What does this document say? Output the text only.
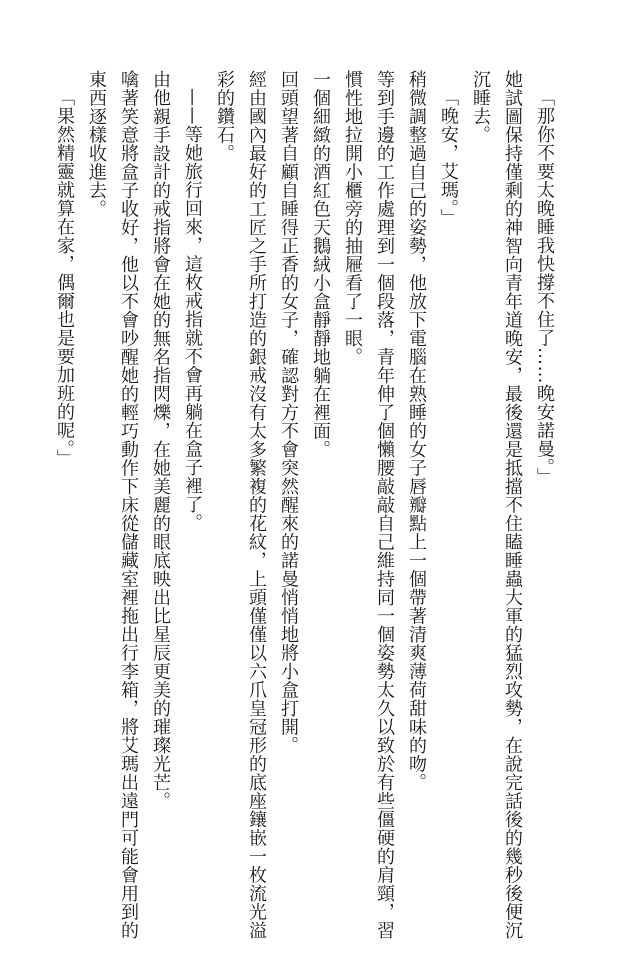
「那你不要太晚睡我快撐不住了……晚安諾曼。」

她試圖保持僅剩的神智向青年道晚安，最後還是抵擋不住瞌睡蟲大軍的猛烈攻勢，在說完話後的幾秒後便沉沉睡去。

「晚安，艾瑪。」

稍微調整過自己的姿勢，他放下電腦在熟睡的女子唇瓣點上一個帶著清爽薄荷甜味的吻。

等到手邊的工作處理到一個段落，青年伸了個懶腰敲敲自己維持同一個姿勢太久以致於有些僵硬的肩頸，習慣性地拉開小櫃旁的抽屜看了一眼。

一個細緻的酒紅色天鵝絨小盒靜靜地躺在裡面。

回頭望著自顧自睡得正香的女子，確認對方不會突然醒來的諾曼悄悄地將小盒打開。

經由國內最好的工匠之手所打造的銀戒沒有太多繁複的花紋，上頭僅僅以六爪皇冠形的底座鑲嵌一枚流光溢彩的鑽石。

——等她旅行回來，這枚戒指就不會再躺在盒子裡了。

由他親手設計的戒指將會在她的無名指閃爍，在她美麗的眼底映出比星辰更美的璀璨光芒。

噙著笑意將盒子收好，他以不會吵醒她的輕巧動作下床從儲藏室裡拖出行李箱，將艾瑪出遠門可能會用到的東西逐樣收進去。

「果然精靈就算在家，偶爾也是要加班的呢。」
